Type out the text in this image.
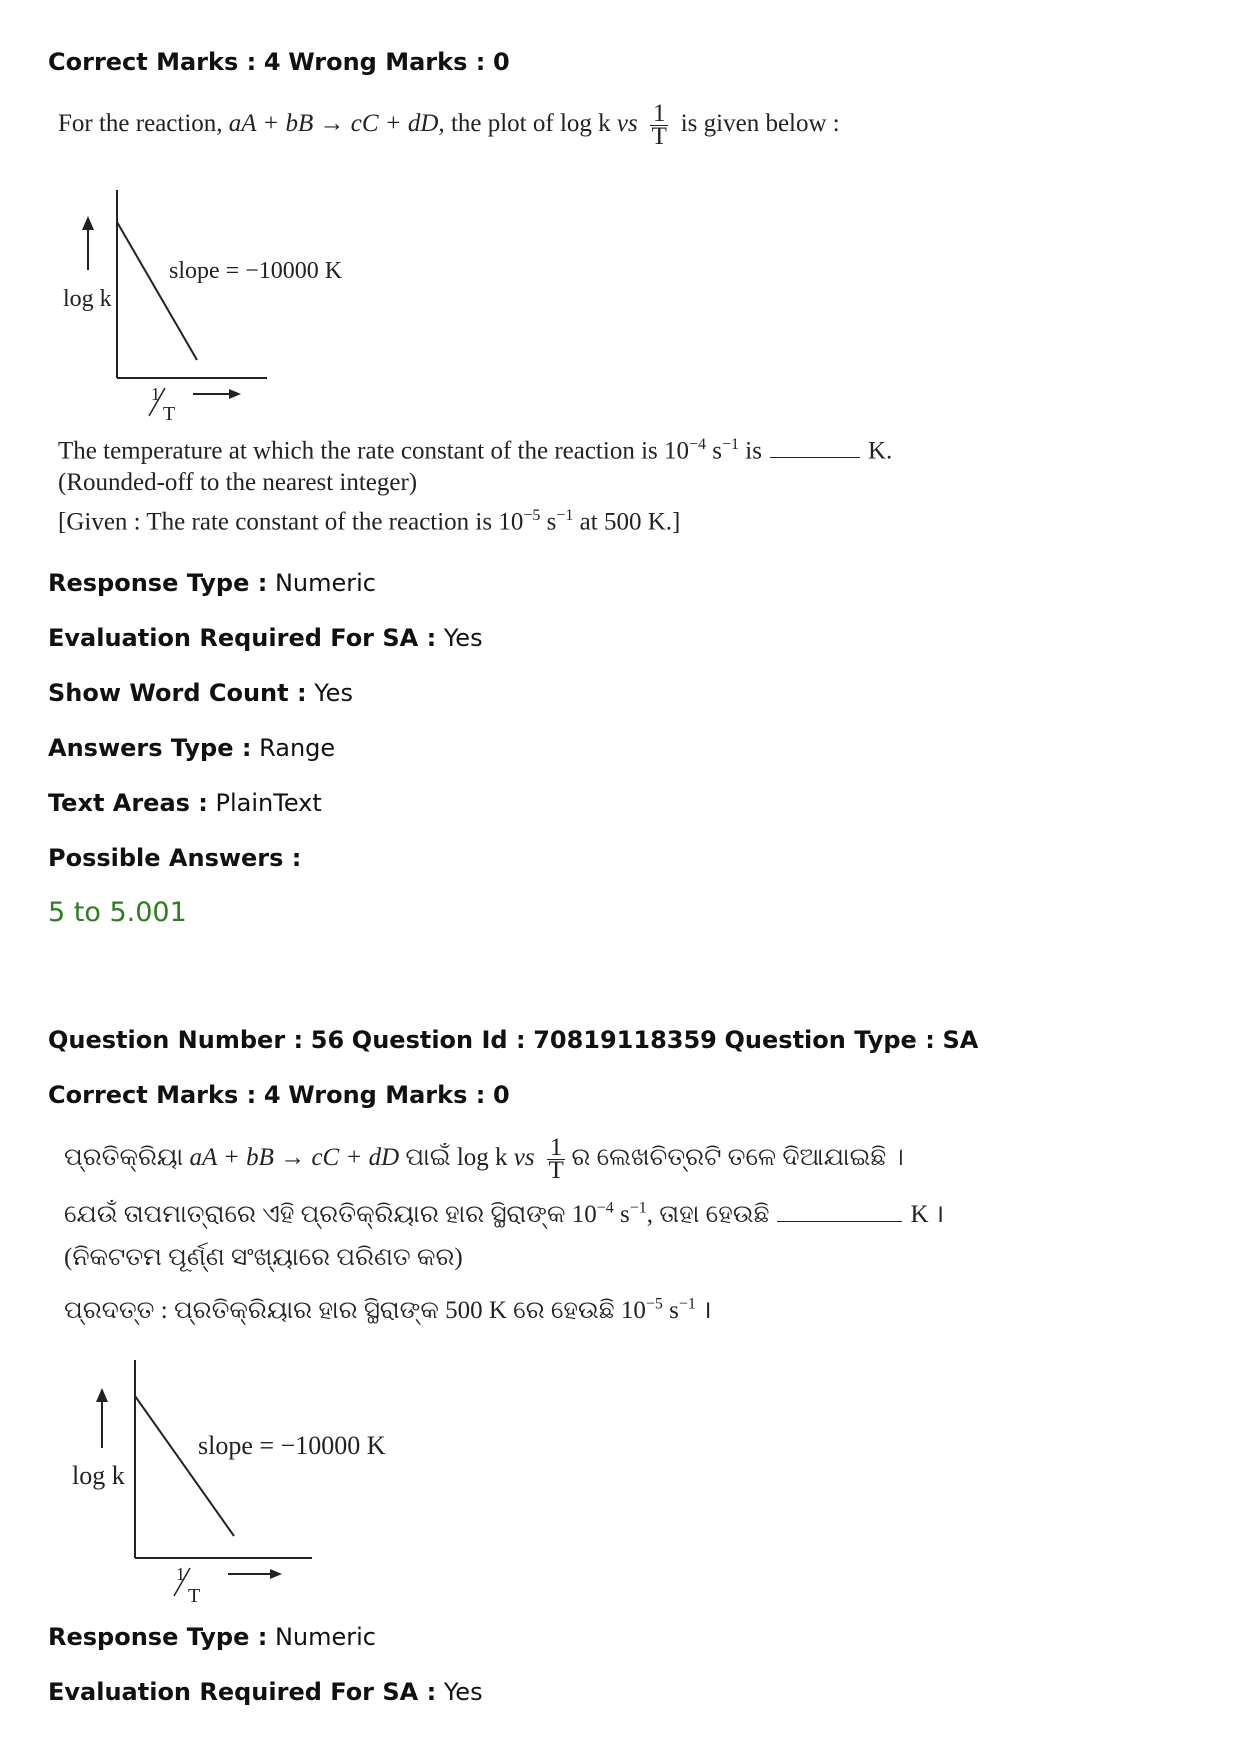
Correct Marks : 4 Wrong Marks : 0
For the reaction, aA + bB → cC + dD, the plot of log k vs $\frac{1}{T}$ is given below :
log k
slope = −10000 K
1
T
The temperature at which the rate constant of the reaction is $10^{-4}$ $s^{-1}$ is	K.
(Rounded-off to the nearest integer)
[Given : The rate constant of the reaction is $10^{-5}$ $s^{-1}$ at 500 K.]
Response Type : Numeric
Evaluation Required For SA : Yes
Show Word Count : Yes
Answers Type : Range
Text Areas : PlainText
Possible Answers :
5 to 5.001
Question Number : 56 Question Id : 70819118359 Question Type : SA
Correct Marks : 4 Wrong Marks : 0
ପ୍ରତିକ୍ରିୟା aA + bB → cC + dD ପାଇଁ log k vs $\frac{1}{T}$ ର ଲେଖଚିତ୍ରଟି ତଳେ ଦିଆଯାଇଛି ।
ଯେଉଁ ତାପମାତ୍ରାରେ ଏହି ପ୍ରତିକ୍ରିୟାର ହାର ସ୍ଥିରାଙ୍କ $10^{-4}$ $s^{-1}$, ତାହା ହେଉଛି	K ।
(ନିକଟତମ ପୂର୍ଣ୍ଣ ସଂଖ୍ୟାରେ ପରିଣତ କର)
ପ୍ରଦତ୍ତ : ପ୍ରତିକ୍ରିୟାର ହାର ସ୍ଥିରାଙ୍କ 500 K ରେ ହେଉଛି $10^{-5}$ $s^{-1}$ ।
log k
slope = −10000 K
1
T
Response Type : Numeric
Evaluation Required For SA : Yes
